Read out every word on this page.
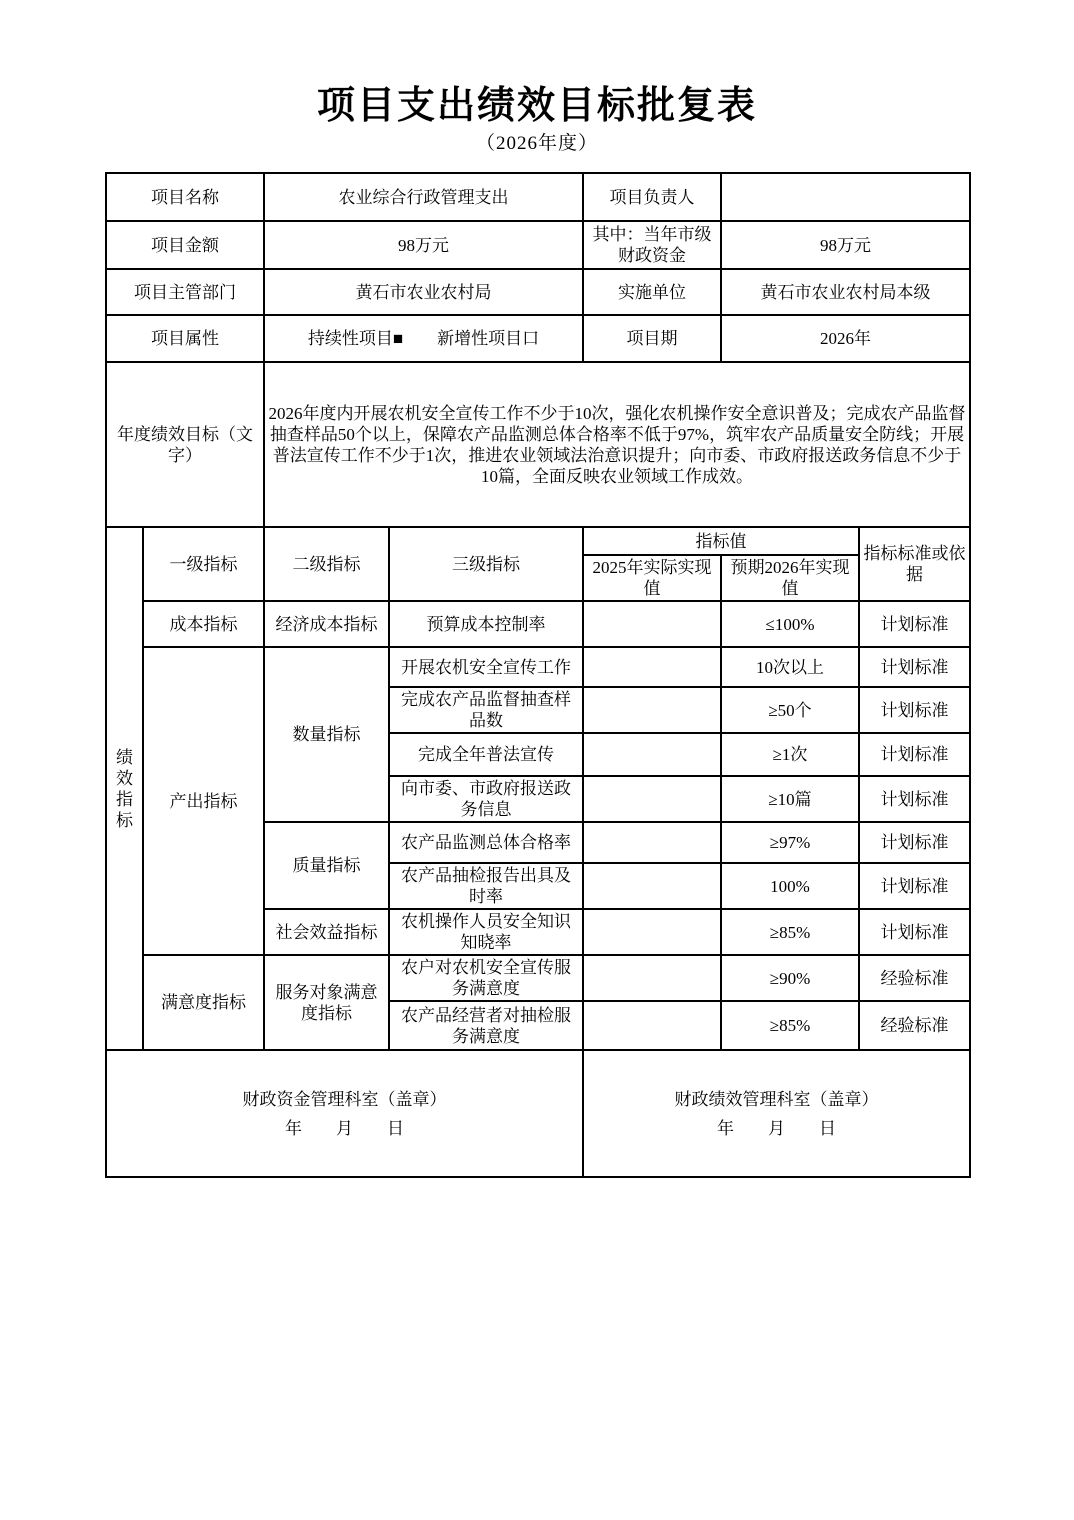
项目支出绩效目标批复表
（2026年度）
项目名称		农业综合行政管理支出		项目负责人		
项目金额		98万元		其中：当年市级财政资金	98万元	
项目主管部门		黄石市农业农村局		实施单位	黄石市农业农村局本级	
项目属性		持续性项目■　　新增性项目口		项目期	2026年	
年度绩效目标（文字）		2026年度内开展农机安全宣传工作不少于10次，强化农机操作安全意识普及；完成农产品监督抽查样品50个以上，保障农产品监测总体合格率不低于97%，筑牢农产品质量安全防线；开展普法宣传工作不少于1次，推进农业领域法治意识提升；向市委、市政府报送政务信息不少于10篇，全面反映农业领域工作成效。				
绩效指标	一级指标	二级指标	三级指标	指标值		指标标准或依据
				2025年实际实现值	预期2026年实现值	
	成本指标	经济成本指标	预算成本控制率		≤100%	计划标准
	产出指标	数量指标	开展农机安全宣传工作		10次以上	计划标准
			完成农产品监督抽查样品数		≥50个	计划标准
			完成全年普法宣传		≥1次	计划标准
			向市委、市政府报送政务信息		≥10篇	计划标准
		质量指标	农产品监测总体合格率		≥97%	计划标准
			农产品抽检报告出具及时率		100%	计划标准
		社会效益指标	农机操作人员安全知识知晓率		≥85%	计划标准
	满意度指标	服务对象满意度指标	农户对农机安全宣传服务满意度		≥90%	经验标准
			农产品经营者对抽检服务满意度		≥85%	经验标准

财政资金管理科室（盖章）
年　　月　　日

财政绩效管理科室（盖章）
年　　月　　日
